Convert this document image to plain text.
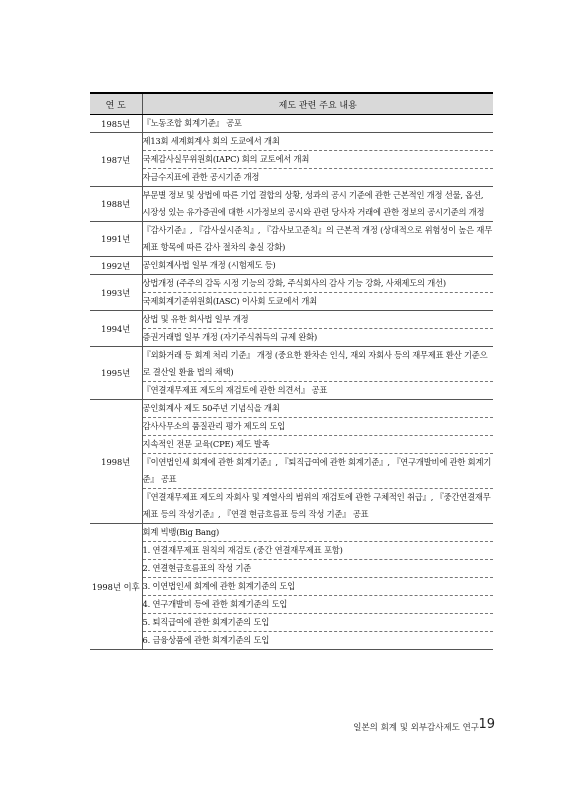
연 도	제도 관련 주요 내용
1985년	『노동조합 회계기준』 공포
1987년	제13회 세계회계사 회의 도쿄에서 개최
	국제감사실무위원회(IAPC) 회의 교토에서 개최
	자금수지표에 관한 공시기준 개정
1988년	부문별 정보 및 상법에 따른 기업 결합의 상황, 성과의 공시 기준에 관한 근본적인 개정 선물, 옵션, 시장성 있는 유가증권에 대한 시가정보의 공시와 관련 당사자 거래에 관한 정보의 공시기준의 개정
1991년	『감사기준』, 『감사실시준칙』, 『감사보고준칙』의 근본적 개정 (상대적으로 위험성이 높은 재무제표 항목에 따른 감사 절차의 충실 강화)
1992년	공인회계사법 일부 개정 (시험제도 등)
1993년	상법개정 (주주의 감독 시정 기능의 강화, 주식회사의 감사 기능 강화, 사채제도의 개선)
	국제회계기준위원회(IASC) 이사회 도쿄에서 개최
1994년	상법 및 유한 회사법 일부 개정
	증권거래법 일부 개정 (자기주식취득의 규제 완화)
1995년	『외화거래 등 회계 처리 기준』 개정 (중요한 환차손 인식, 재외 자회사 등의 재무제표 환산 기준으로 결산일 환율 법의 채택)
	『연결재무제표 제도의 재검토에 관한 의견서』 공표
1998년	공인회계사 제도 50주년 기념식을 개최
	감사사무소의 품질관리 평가 제도의 도입
	지속적인 전문 교육(CPE) 제도 발족
	『이연법인세 회계에 관한 회계기준』, 『퇴직급여에 관한 회계기준』, 『연구개발비에 관한 회계기준』 공표
	『연결재무제표 제도의 자회사 및 계열사의 범위의 재검토에 관한 구체적인 취급』, 『중간연결재무제표 등의 작성기준』, 『연결 현금흐름표 등의 작성 기준』 공표
1998년 이후	회계 빅뱅(Big Bang)
	1. 연결재무제표 원칙의 재검토 (중간 연결재무제표 포함)
	2. 연결현금흐름표의 작성 기준
	3. 이연법인세 회계에 관한 회계기준의 도입
	4. 연구개발비 등에 관한 회계기준의 도입
	5. 퇴직급여에 관한 회계기준의 도입
	6. 금융상품에 관한 회계기준의 도입
일본의 회계 및 외부감사제도 연구 19
